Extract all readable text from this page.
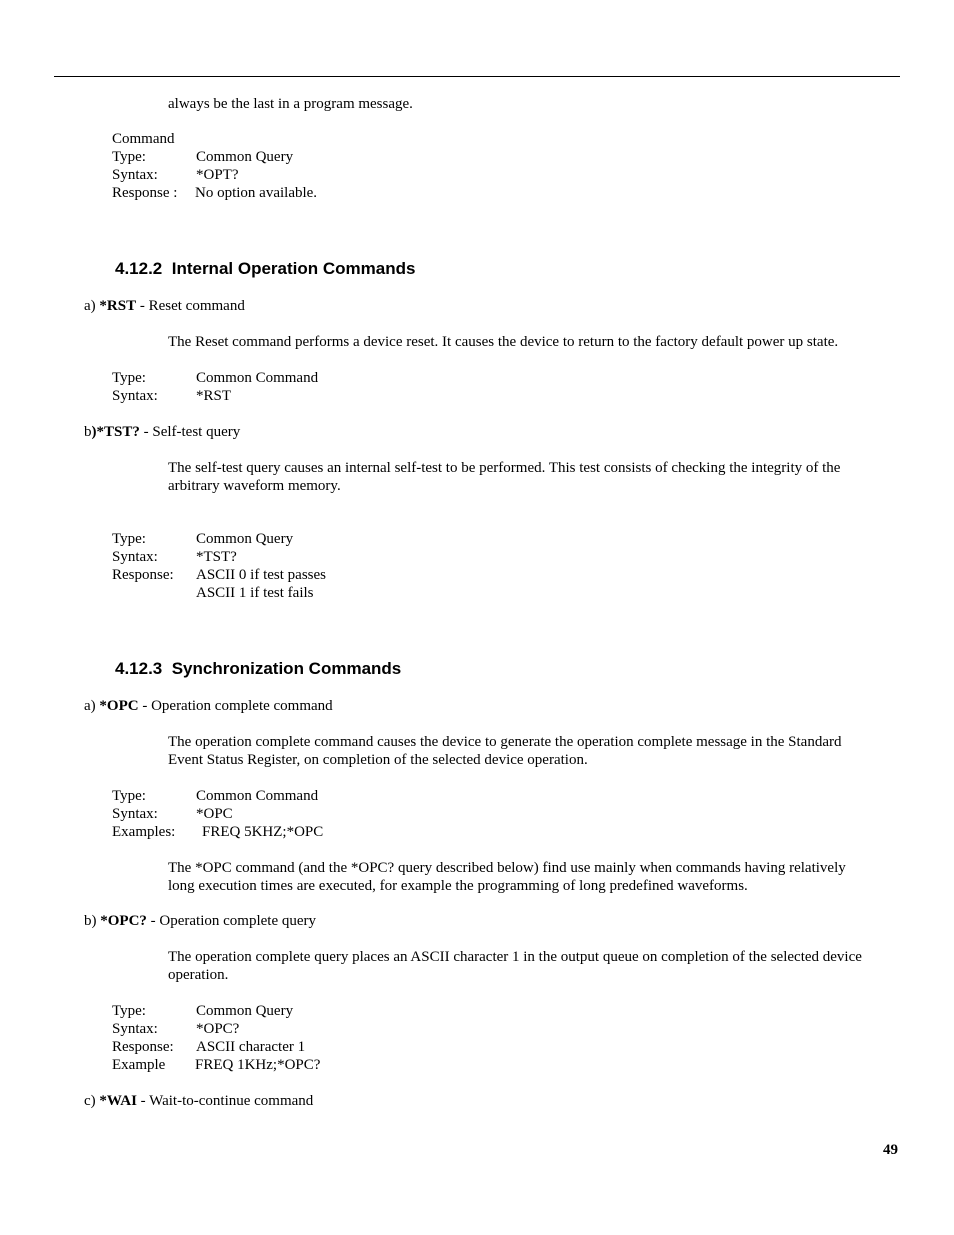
always be the last in a program message.
Command
Type:	Common Query
Syntax:	*OPT?
Response : No option available.
4.12.2 Internal Operation Commands
a) *RST - Reset command
The Reset command performs a device reset. It causes the device to return to the factory default power up state.
Type:	Common Command
Syntax:	*RST
b)*TST? - Self-test query
The self-test query causes an internal self-test to be performed. This test consists of checking the integrity of the
arbitrary waveform memory.
Type:	Common Query
Syntax:	*TST?
Response: ASCII 0 if test passes
ASCII 1 if test fails
4.12.3 Synchronization Commands
a) *OPC - Operation complete command
The operation complete command causes the device to generate the operation complete message in the Standard
Event Status Register, on completion of the selected device operation.
Type:	Common Command
Syntax:	*OPC
Examples: FREQ 5KHZ;*OPC
The *OPC command (and the *OPC? query described below) find use mainly when commands having relatively
long execution times are executed, for example the programming of long predefined waveforms.
b) *OPC? - Operation complete query
The operation complete query places an ASCII character 1 in the output queue on completion of the selected device
operation.
Type:	Common Query
Syntax:	*OPC?
Response: ASCII character 1
Example FREQ 1KHz;*OPC?
c) *WAI - Wait-to-continue command
49
